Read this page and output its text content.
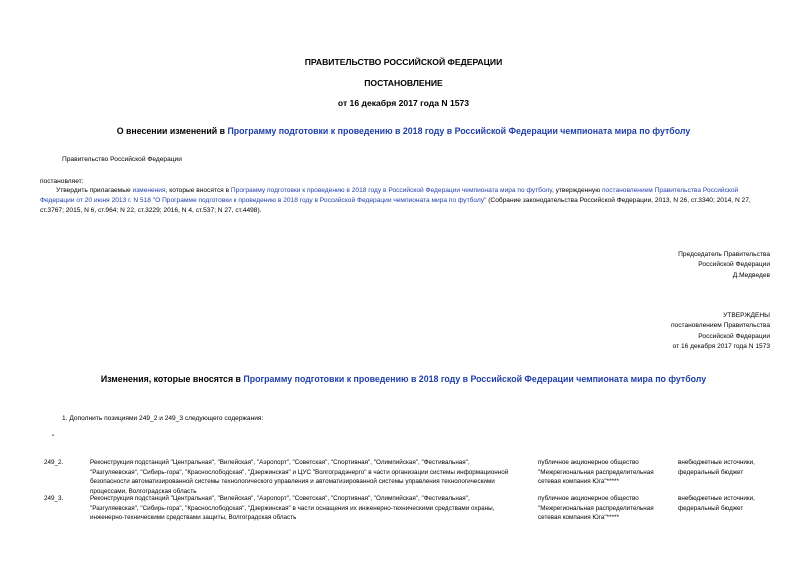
ПРАВИТЕЛЬСТВО РОССИЙСКОЙ ФЕДЕРАЦИИ
ПОСТАНОВЛЕНИЕ
от 16 декабря 2017 года N 1573
О внесении изменений в Программу подготовки к проведению в 2018 году в Российской Федерации чемпионата мира по футболу
Правительство Российской Федерации
постановляет:
Утвердить прилагаемые изменения, которые вносятся в Программу подготовки к проведению в 2018 году в Российской Федерации чемпионата мира по футболу, утвержденную постановлением Правительства Российской Федерации от 20 июня 2013 г. N 518 "О Программе подготовки к проведению в 2018 году в Российской Федерации чемпионата мира по футболу" (Собрание законодательства Российской Федерации, 2013, N 26, ст.3340; 2014, N 27, ст.3767; 2015, N 6, ст.964; N 22, ст.3229; 2016, N 4, ст.537; N 27, ст.4498).
Председатель Правительства
Российской Федерации
Д.Медведев
УТВЕРЖДЕНЫ
постановлением Правительства
Российской Федерации
от 16 декабря 2017 года N 1573
Изменения, которые вносятся в Программу подготовки к проведению в 2018 году в Российской Федерации чемпионата мира по футболу
1. Дополнить позициями 249_2 и 249_3 следующего содержания:
"
249_2.	Реконструкция подстанций "Центральная", "Вилейская", "Аэропорт", "Советская", "Спортивная", "Олимпийская", "Фестивальная",
"Разгуляевская", "Сибирь-гора", "Краснослободская", "Дзержинская" и ЦУС "Волгоградэнерго" в части организации системы информационной
безопасности автоматизированной системы технологического управления и автоматизированной системы управления технологическими
процессами, Волгоградская область
публичное акционерное общество
"Межрегиональная распределительная
сетевая компания Юга"*****
внебюджетные источники,
федеральный бюджет
249_3.	Реконструкция подстанций "Центральная", "Вилейская", "Аэропорт", "Советская", "Спортивная", "Олимпийская", "Фестивальная",
"Разгуляевская", "Сибирь-гора", "Краснослободская", "Дзержинская" в части оснащения их инженерно-техническими средствами охраны,
инженерно-техническими средствами защиты, Волгоградская область
публичное акционерное общество
"Межрегиональная распределительная
сетевая компания Юга"*****
внебюджетные источники,
федеральный бюджет
